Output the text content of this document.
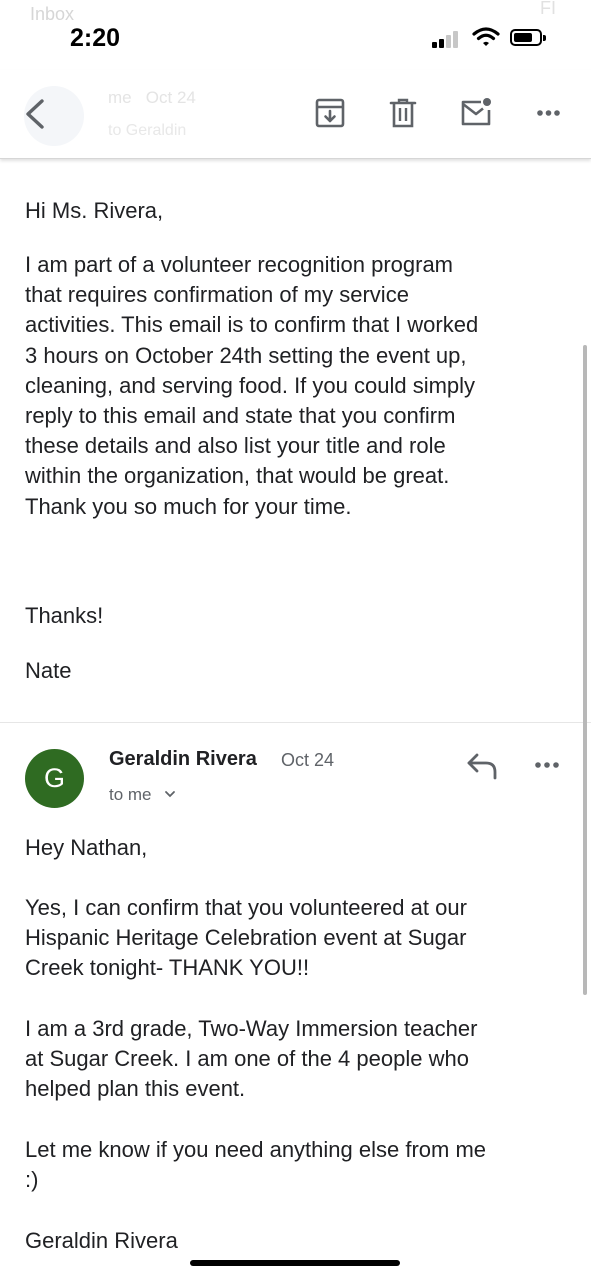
Inbox	FI
2:20
me Oct 24
to Geraldin
Hi Ms. Rivera,
I am part of a volunteer recognition program
that requires confirmation of my service
activities. This email is to confirm that I worked
3 hours on October 24th setting the event up,
cleaning, and serving food. If you could simply
reply to this email and state that you confirm
these details and also list your title and role
within the organization, that would be great.
Thank you so much for your time.
Thanks!
Nate
G
Geraldin Rivera Oct 24
to me
Hey Nathan,
Yes, I can confirm that you volunteered at our
Hispanic Heritage Celebration event at Sugar
Creek tonight- THANK YOU!!
I am a 3rd grade, Two-Way Immersion teacher
at Sugar Creek. I am one of the 4 people who
helped plan this event.
Let me know if you need anything else from me
:)
Geraldin Rivera
